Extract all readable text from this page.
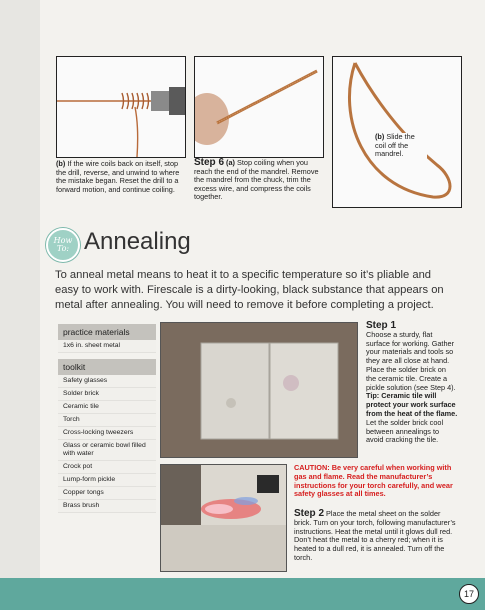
(b) If the wire coils back on itself, stop the drill, reverse, and unwind to where the mistake began. Reset the drill to a forward motion, and continue coiling.
Step 6 (a) Stop coiling when you reach the end of the mandrel. Remove the mandrel from the chuck, trim the excess wire, and compress the coils together.
(b) Slide the coil off the mandrel.
How To: Annealing
To anneal metal means to heat it to a specific temperature so it’s pliable and easy to work with. Firescale is a dirty-looking, black substance that appears on metal after annealing. You will need to remove it before completing a project.
practice materials
1x6 in. sheet metal
toolkit
Safety glasses
Solder brick
Ceramic tile
Torch
Cross-locking tweezers
Glass or ceramic bowl filled with water
Crock pot
Lump-form pickle
Copper tongs
Brass brush
Step 1
Choose a sturdy, flat surface for working. Gather your materials and tools so they are all close at hand. Place the solder brick on the ceramic tile. Create a pickle solution (see Step 4). Tip: Ceramic tile will protect your work surface from the heat of the flame. Let the solder brick cool between annealings to avoid cracking the tile.
CAUTION: Be very careful when working with gas and flame. Read the manufacturer’s instructions for your torch carefully, and wear safety glasses at all times.
Step 2 Place the metal sheet on the solder brick. Turn on your torch, following manufacturer’s instructions. Heat the metal until it glows dull red. Don’t heat the metal to a cherry red; when it is heated to a dull red, it is annealed. Turn off the torch.
17
